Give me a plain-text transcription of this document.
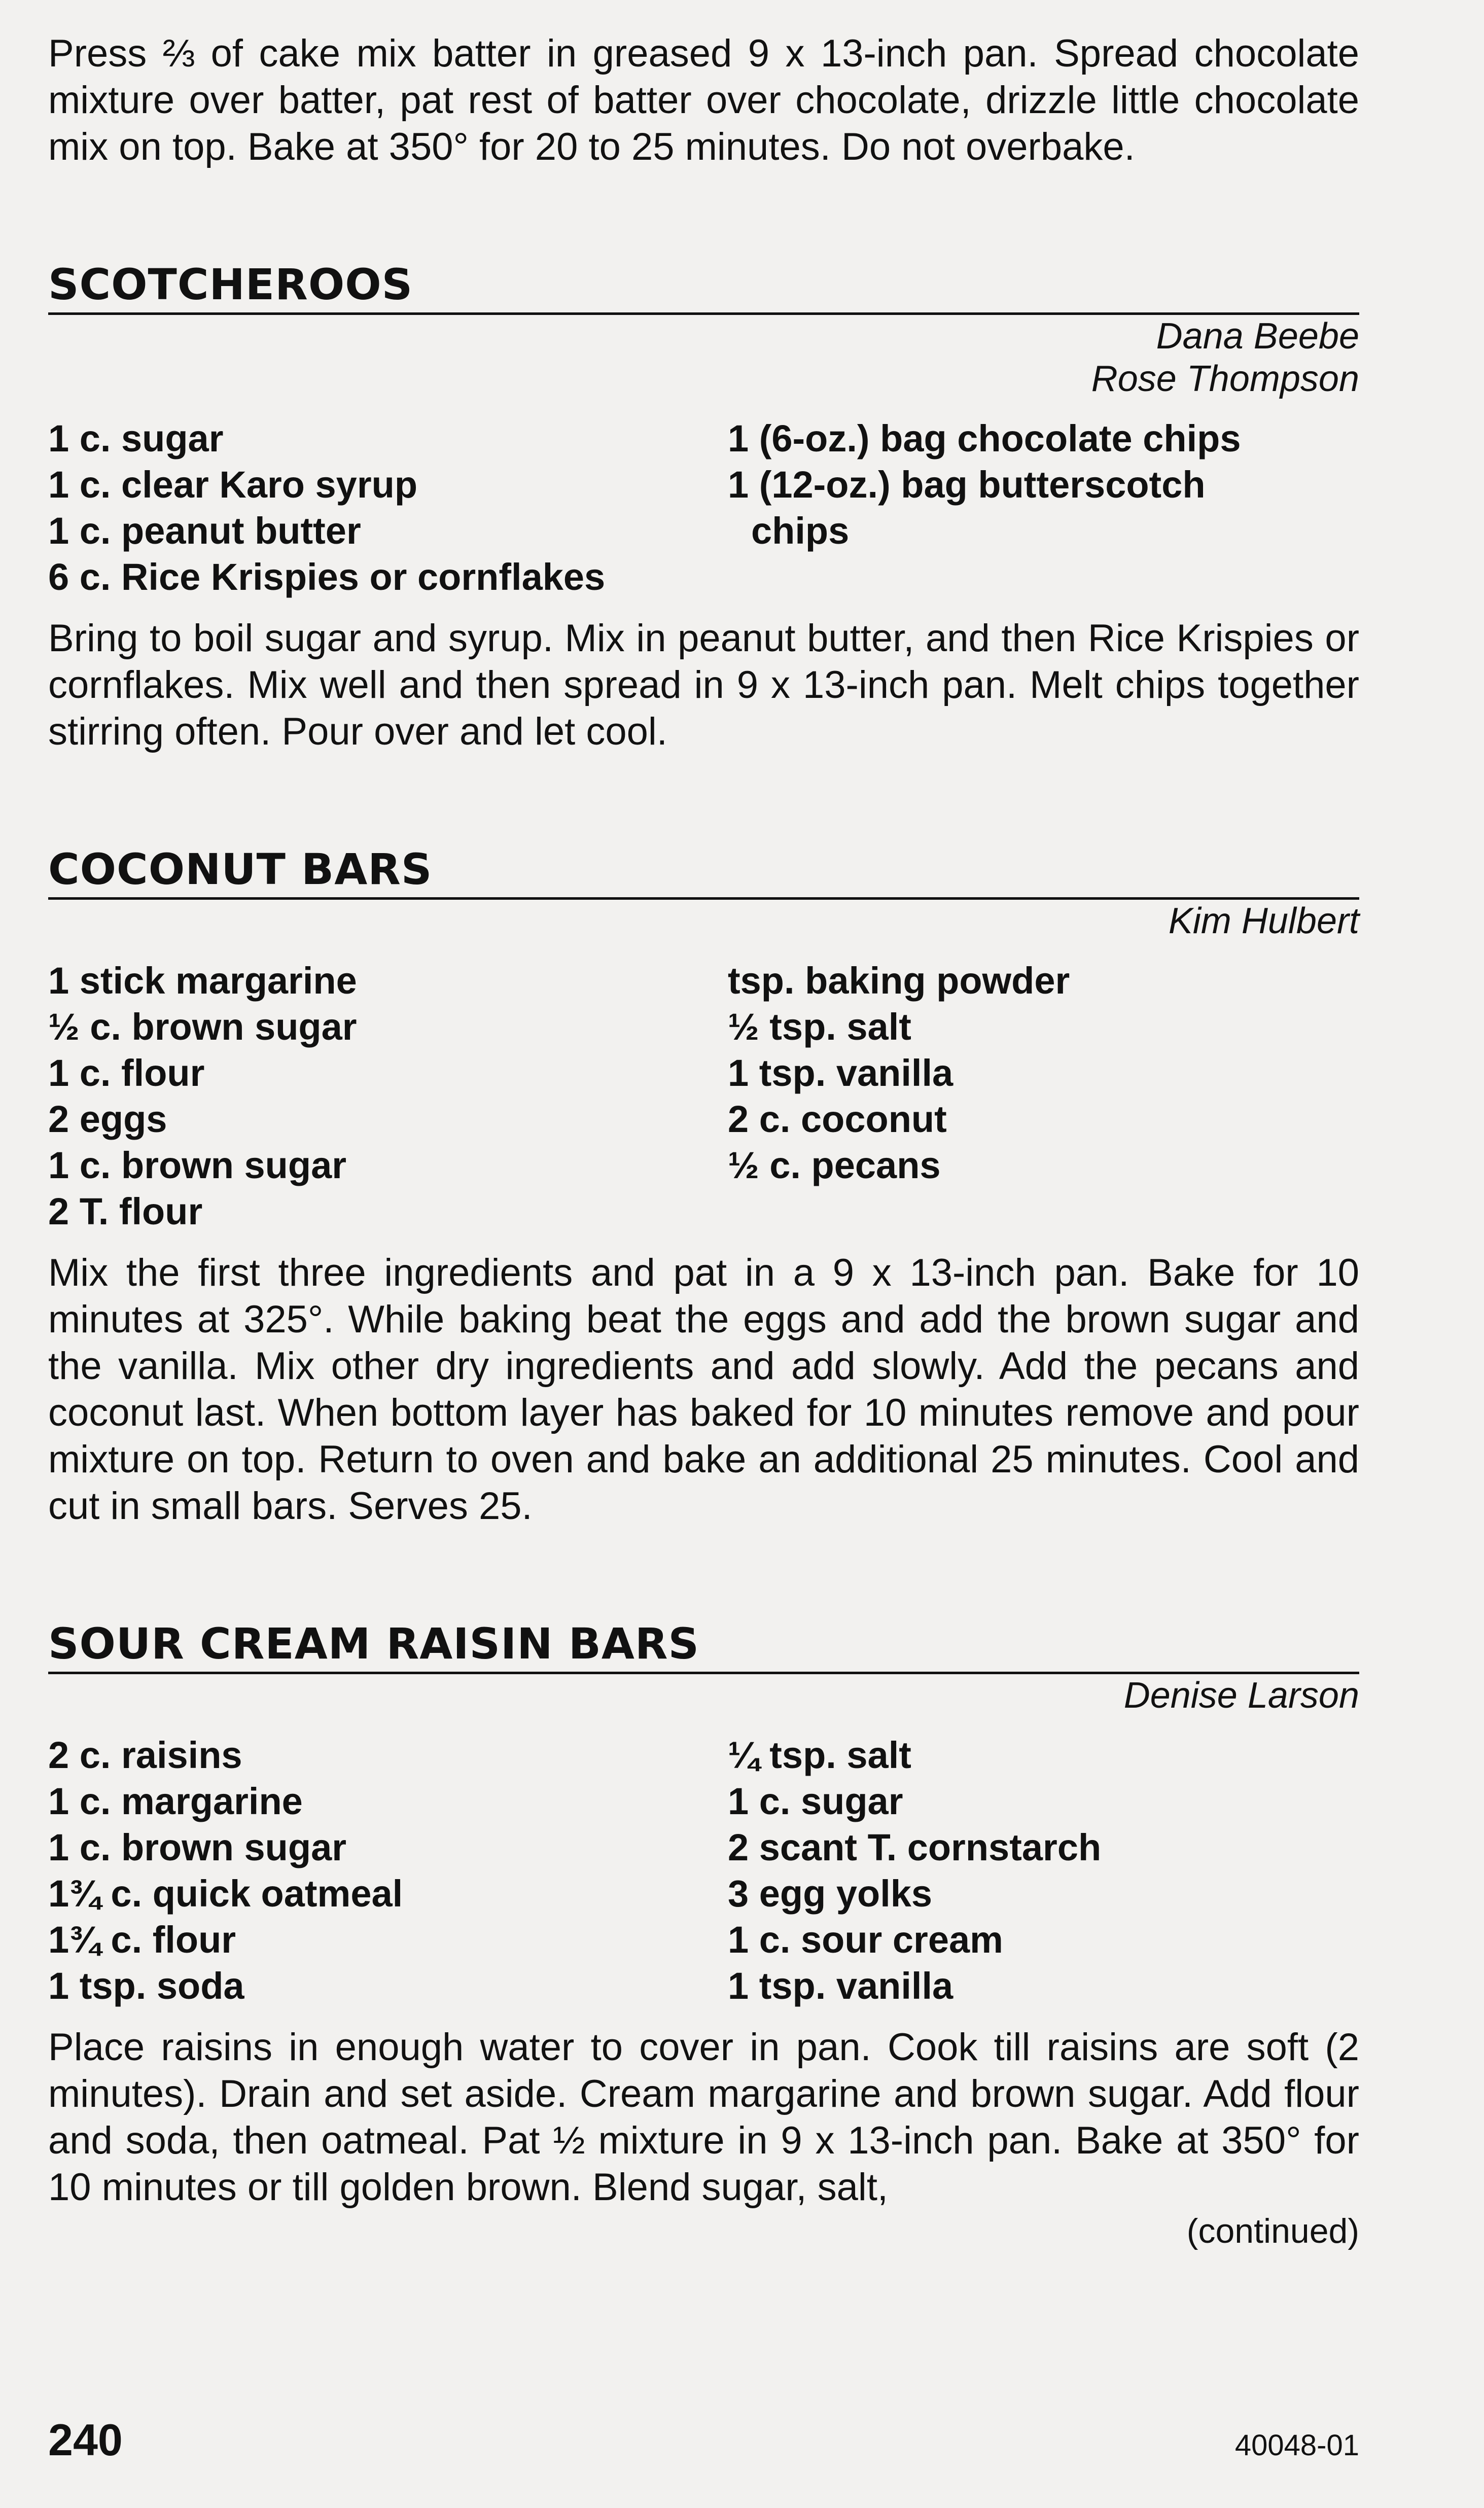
Press ⅔ of cake mix batter in greased 9 x 13-inch pan. Spread chocolate mixture over batter, pat rest of batter over chocolate, drizzle little chocolate mix on top. Bake at 350° for 20 to 25 minutes. Do not overbake.

SCOTCHEROOS
Dana Beebe
Rose Thompson
1 c. sugar
1 c. clear Karo syrup
1 c. peanut butter
6 c. Rice Krispies or cornflakes
1 (6-oz.) bag chocolate chips
1 (12-oz.) bag butterscotch
chips

Bring to boil sugar and syrup. Mix in peanut butter, and then Rice Krispies or cornflakes. Mix well and then spread in 9 x 13-inch pan. Melt chips together stirring often. Pour over and let cool.

COCONUT BARS
Kim Hulbert
1 stick margarine
½ c. brown sugar
1 c. flour
2 eggs
1 c. brown sugar
2 T. flour
tsp. baking powder
½ tsp. salt
1 tsp. vanilla
2 c. coconut
½ c. pecans

Mix the first three ingredients and pat in a 9 x 13-inch pan. Bake for 10 minutes at 325°. While baking beat the eggs and add the brown sugar and the vanilla. Mix other dry ingredients and add slowly. Add the pecans and coconut last. When bottom layer has baked for 10 minutes remove and pour mixture on top. Return to oven and bake an additional 25 minutes. Cool and cut in small bars. Serves 25.

SOUR CREAM RAISIN BARS
Denise Larson
2 c. raisins
1 c. margarine
1 c. brown sugar
1¾ c. quick oatmeal
1¾ c. flour
1 tsp. soda
¼ tsp. salt
1 c. sugar
2 scant T. cornstarch
3 egg yolks
1 c. sour cream
1 tsp. vanilla

Place raisins in enough water to cover in pan. Cook till raisins are soft (2 minutes). Drain and set aside. Cream margarine and brown sugar. Add flour and soda, then oatmeal. Pat ½ mixture in 9 x 13-inch pan. Bake at 350° for 10 minutes or till golden brown. Blend sugar, salt,

(continued)
240	40048-01
